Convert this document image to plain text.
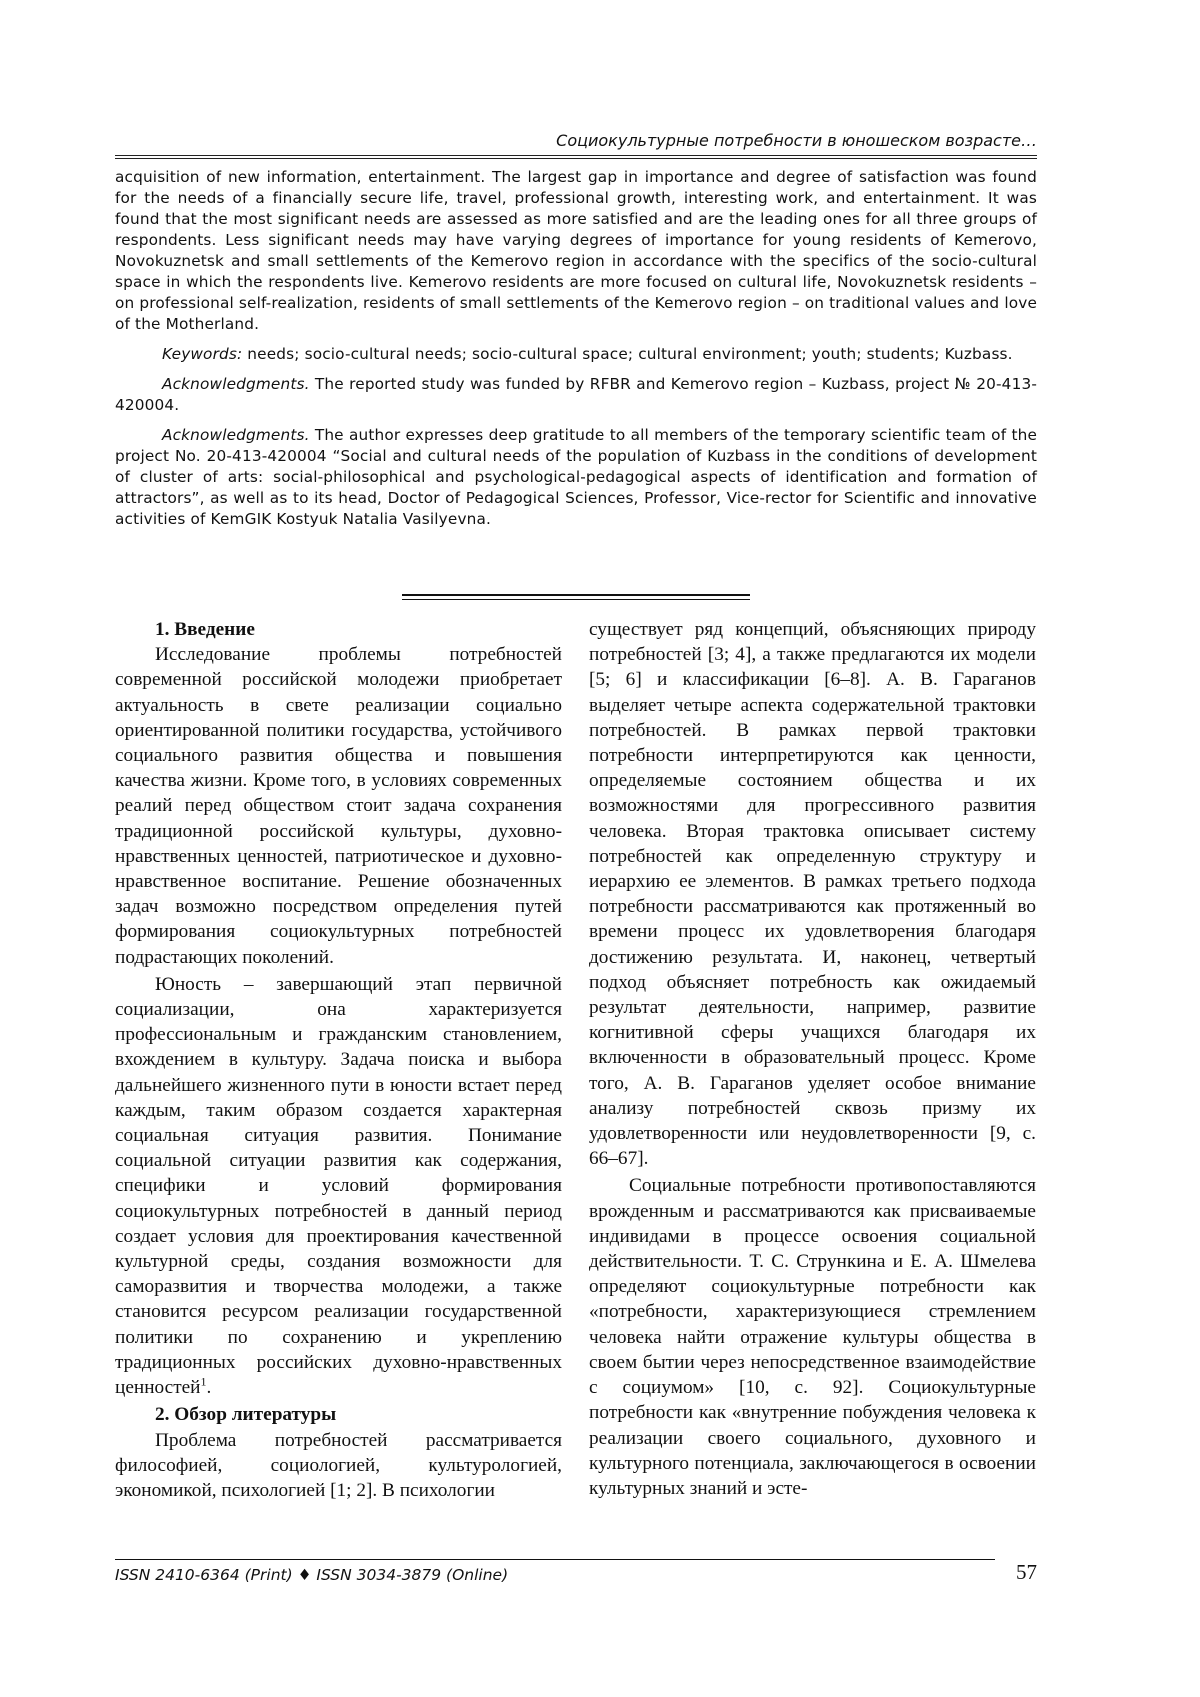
Социокультурные потребности в юношеском возрасте…

acquisition of new information, entertainment. The largest gap in importance and degree of satisfaction was found for the needs of a financially secure life, travel, professional growth, interesting work, and entertainment. It was found that the most significant needs are assessed as more satisfied and are the leading ones for all three groups of respondents. Less significant needs may have varying degrees of importance for young residents of Kemerovo, Novokuznetsk and small settlements of the Kemerovo region in accordance with the specifics of the socio-cultural space in which the respondents live. Kemerovo residents are more focused on cultural life, Novokuznetsk residents – on professional self-realization, residents of small settlements of the Kemerovo region – on traditional values and love of the Motherland.

Keywords: needs; socio-cultural needs; socio-cultural space; cultural environment; youth; students; Kuzbass.

Acknowledgments. The reported study was funded by RFBR and Kemerovo region – Kuzbass, project № 20-413-420004.

Acknowledgments. The author expresses deep gratitude to all members of the temporary scientific team of the project No. 20-413-420004 “Social and cultural needs of the population of Kuzbass in the conditions of development of cluster of arts: social-philosophical and psychological-pedagogical aspects of identification and formation of attractors”, as well as to its head, Doctor of Pedagogical Sciences, Professor, Vice-rector for Scientific and innovative activities of KemGIK Kostyuk Natalia Vasilyevna.

1. Введение

Исследование проблемы потребностей современной российской молодежи приобретает актуальность в свете реализации социально ориентированной политики государства, устойчивого социального развития общества и повышения качества жизни. Кроме того, в условиях современных реалий перед обществом стоит задача сохранения традиционной российской культуры, духовно-нравственных ценностей, патриотическое и духовно-нравственное воспитание. Решение обозначенных задач возможно посредством определения путей формирования социокультурных потребностей подрастающих поколений.

Юность – завершающий этап первичной социализации, она характеризуется профессиональным и гражданским становлением, вхождением в культуру. Задача поиска и выбора дальнейшего жизненного пути в юности встает перед каждым, таким образом создается характерная социальная ситуация развития. Понимание социальной ситуации развития как содержания, специфики и условий формирования социокультурных потребностей в данный период создает условия для проектирования качественной культурной среды, создания возможности для саморазвития и творчества молодежи, а также становится ресурсом реализации государственной политики по сохранению и укреплению традиционных российских духовно-нравственных ценностей$^1$.

2. Обзор литературы

Проблема потребностей рассматривается философией, социологией, культурологией, экономикой, психологией [1; 2]. В психологии

существует ряд концепций, объясняющих природу потребностей [3; 4], а также предлагаются их модели [5; 6] и классификации [6–8]. А. В. Гараганов выделяет четыре аспекта содержательной трактовки потребностей. В рамках первой трактовки потребности интерпретируются как ценности, определяемые состоянием общества и их возможностями для прогрессивного развития человека. Вторая трактовка описывает систему потребностей как определенную структуру и иерархию ее элементов. В рамках третьего подхода потребности рассматриваются как протяженный во времени процесс их удовлетворения благодаря достижению результата. И, наконец, четвертый подход объясняет потребность как ожидаемый результат деятельности, например, развитие когнитивной сферы учащихся благодаря их включенности в образовательный процесс. Кроме того, А. В. Гараганов уделяет особое внимание анализу потребностей сквозь призму их удовлетворенности или неудовлетворенности [9, с. 66–67].

Социальные потребности противопоставляются врожденным и рассматриваются как присваиваемые индивидами в процессе освоения социальной действительности. Т. С. Стрункина и Е. А. Шмелева определяют социокультурные потребности как «потребности, характеризующиеся стремлением человека найти отражение культуры общества в своем бытии через непосредственное взаимодействие с социумом» [10, с. 92]. Социокультурные потребности как «внутренние побуждения человека к реализации своего социального, духовного и культурного потенциала, заключающегося в освоении культурных знаний и эсте-

ISSN 2410-6364 (Print) ♦ ISSN 3034-3879 (Online)	57
